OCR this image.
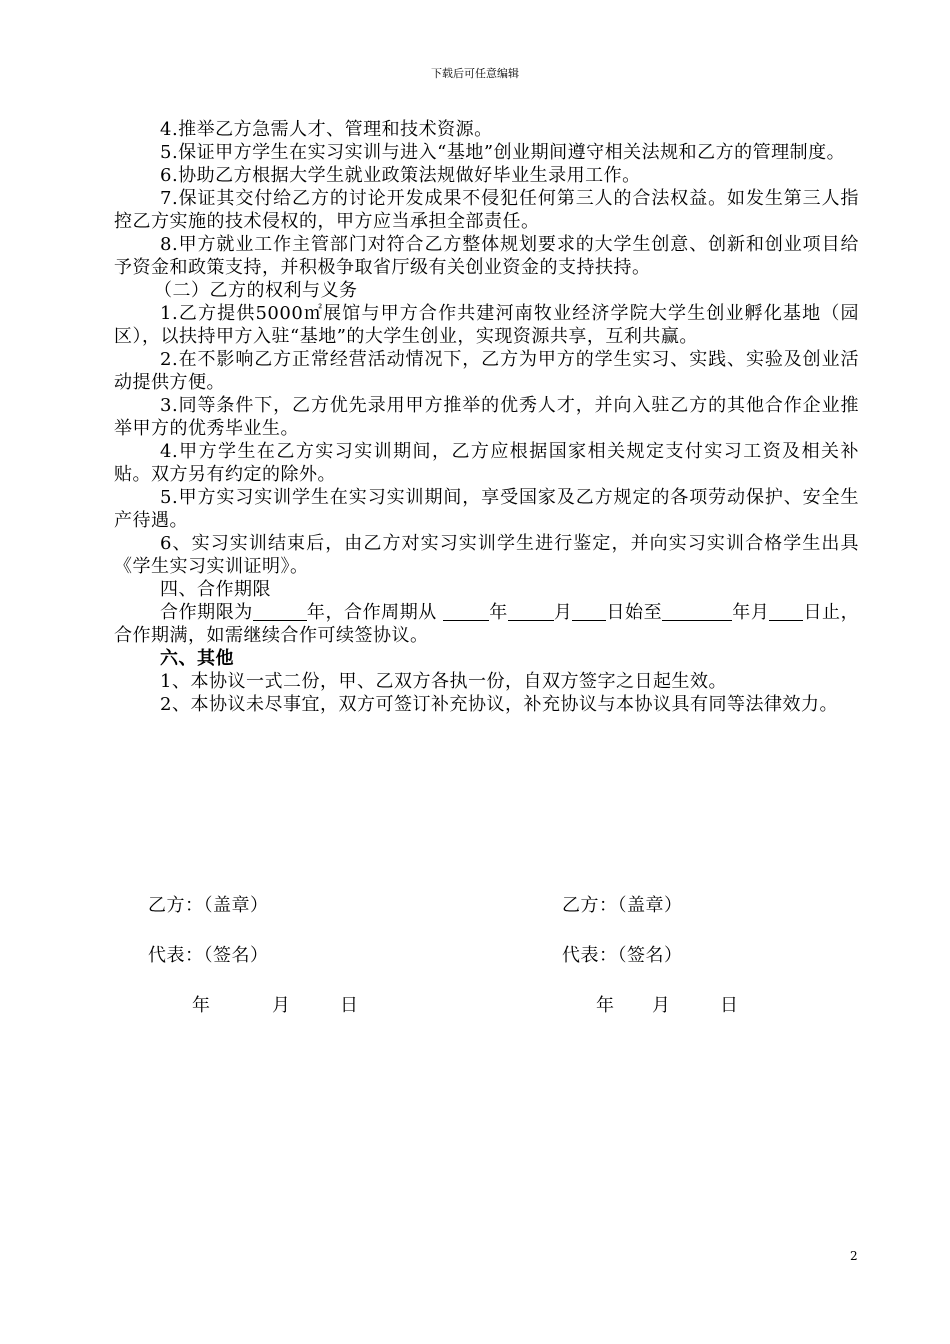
下载后可任意编辑

4.推举乙方急需人才、管理和技术资源。

5.保证甲方学生在实习实训与进入“基地”创业期间遵守相关法规和乙方的管理制度。

6.协助乙方根据大学生就业政策法规做好毕业生录用工作。

7.保证其交付给乙方的讨论开发成果不侵犯任何第三人的合法权益。如发生第三人指控乙方实施的技术侵权的，甲方应当承担全部责任。

8.甲方就业工作主管部门对符合乙方整体规划要求的大学生创意、创新和创业项目给予资金和政策支持，并积极争取省厅级有关创业资金的支持扶持。

（二）乙方的权利与义务

1.乙方提供5000㎡展馆与甲方合作共建河南牧业经济学院大学生创业孵化基地（园区），以扶持甲方入驻“基地”的大学生创业，实现资源共享，互利共赢。

2.在不影响乙方正常经营活动情况下，乙方为甲方的学生实习、实践、实验及创业活动提供方便。

3.同等条件下，乙方优先录用甲方推举的优秀人才，并向入驻乙方的其他合作企业推举甲方的优秀毕业生。

4.甲方学生在乙方实习实训期间，乙方应根据国家相关规定支付实习工资及相关补贴。双方另有约定的除外。

5.甲方实习实训学生在实习实训期间，享受国家及乙方规定的各项劳动保护、安全生产待遇。

6、实习实训结束后，由乙方对实习实训学生进行鉴定，并向实习实训合格学生出具《学生实习实训证明》。

四、合作期限

合作期限为	年，合作周期从	年	月 日始至	年月 日止，合作期满，如需继续合作可续签协议。

六、其他

1、本协议一式二份，甲、乙双方各执一份，自双方签字之日起生效。

2、本协议未尽事宜，双方可签订补充协议，补充协议与本协议具有同等法律效力。

乙方：（盖章）
代表：（签名）
年	月	日
乙方：（盖章）
代表：（签名）
年 月	日
2
